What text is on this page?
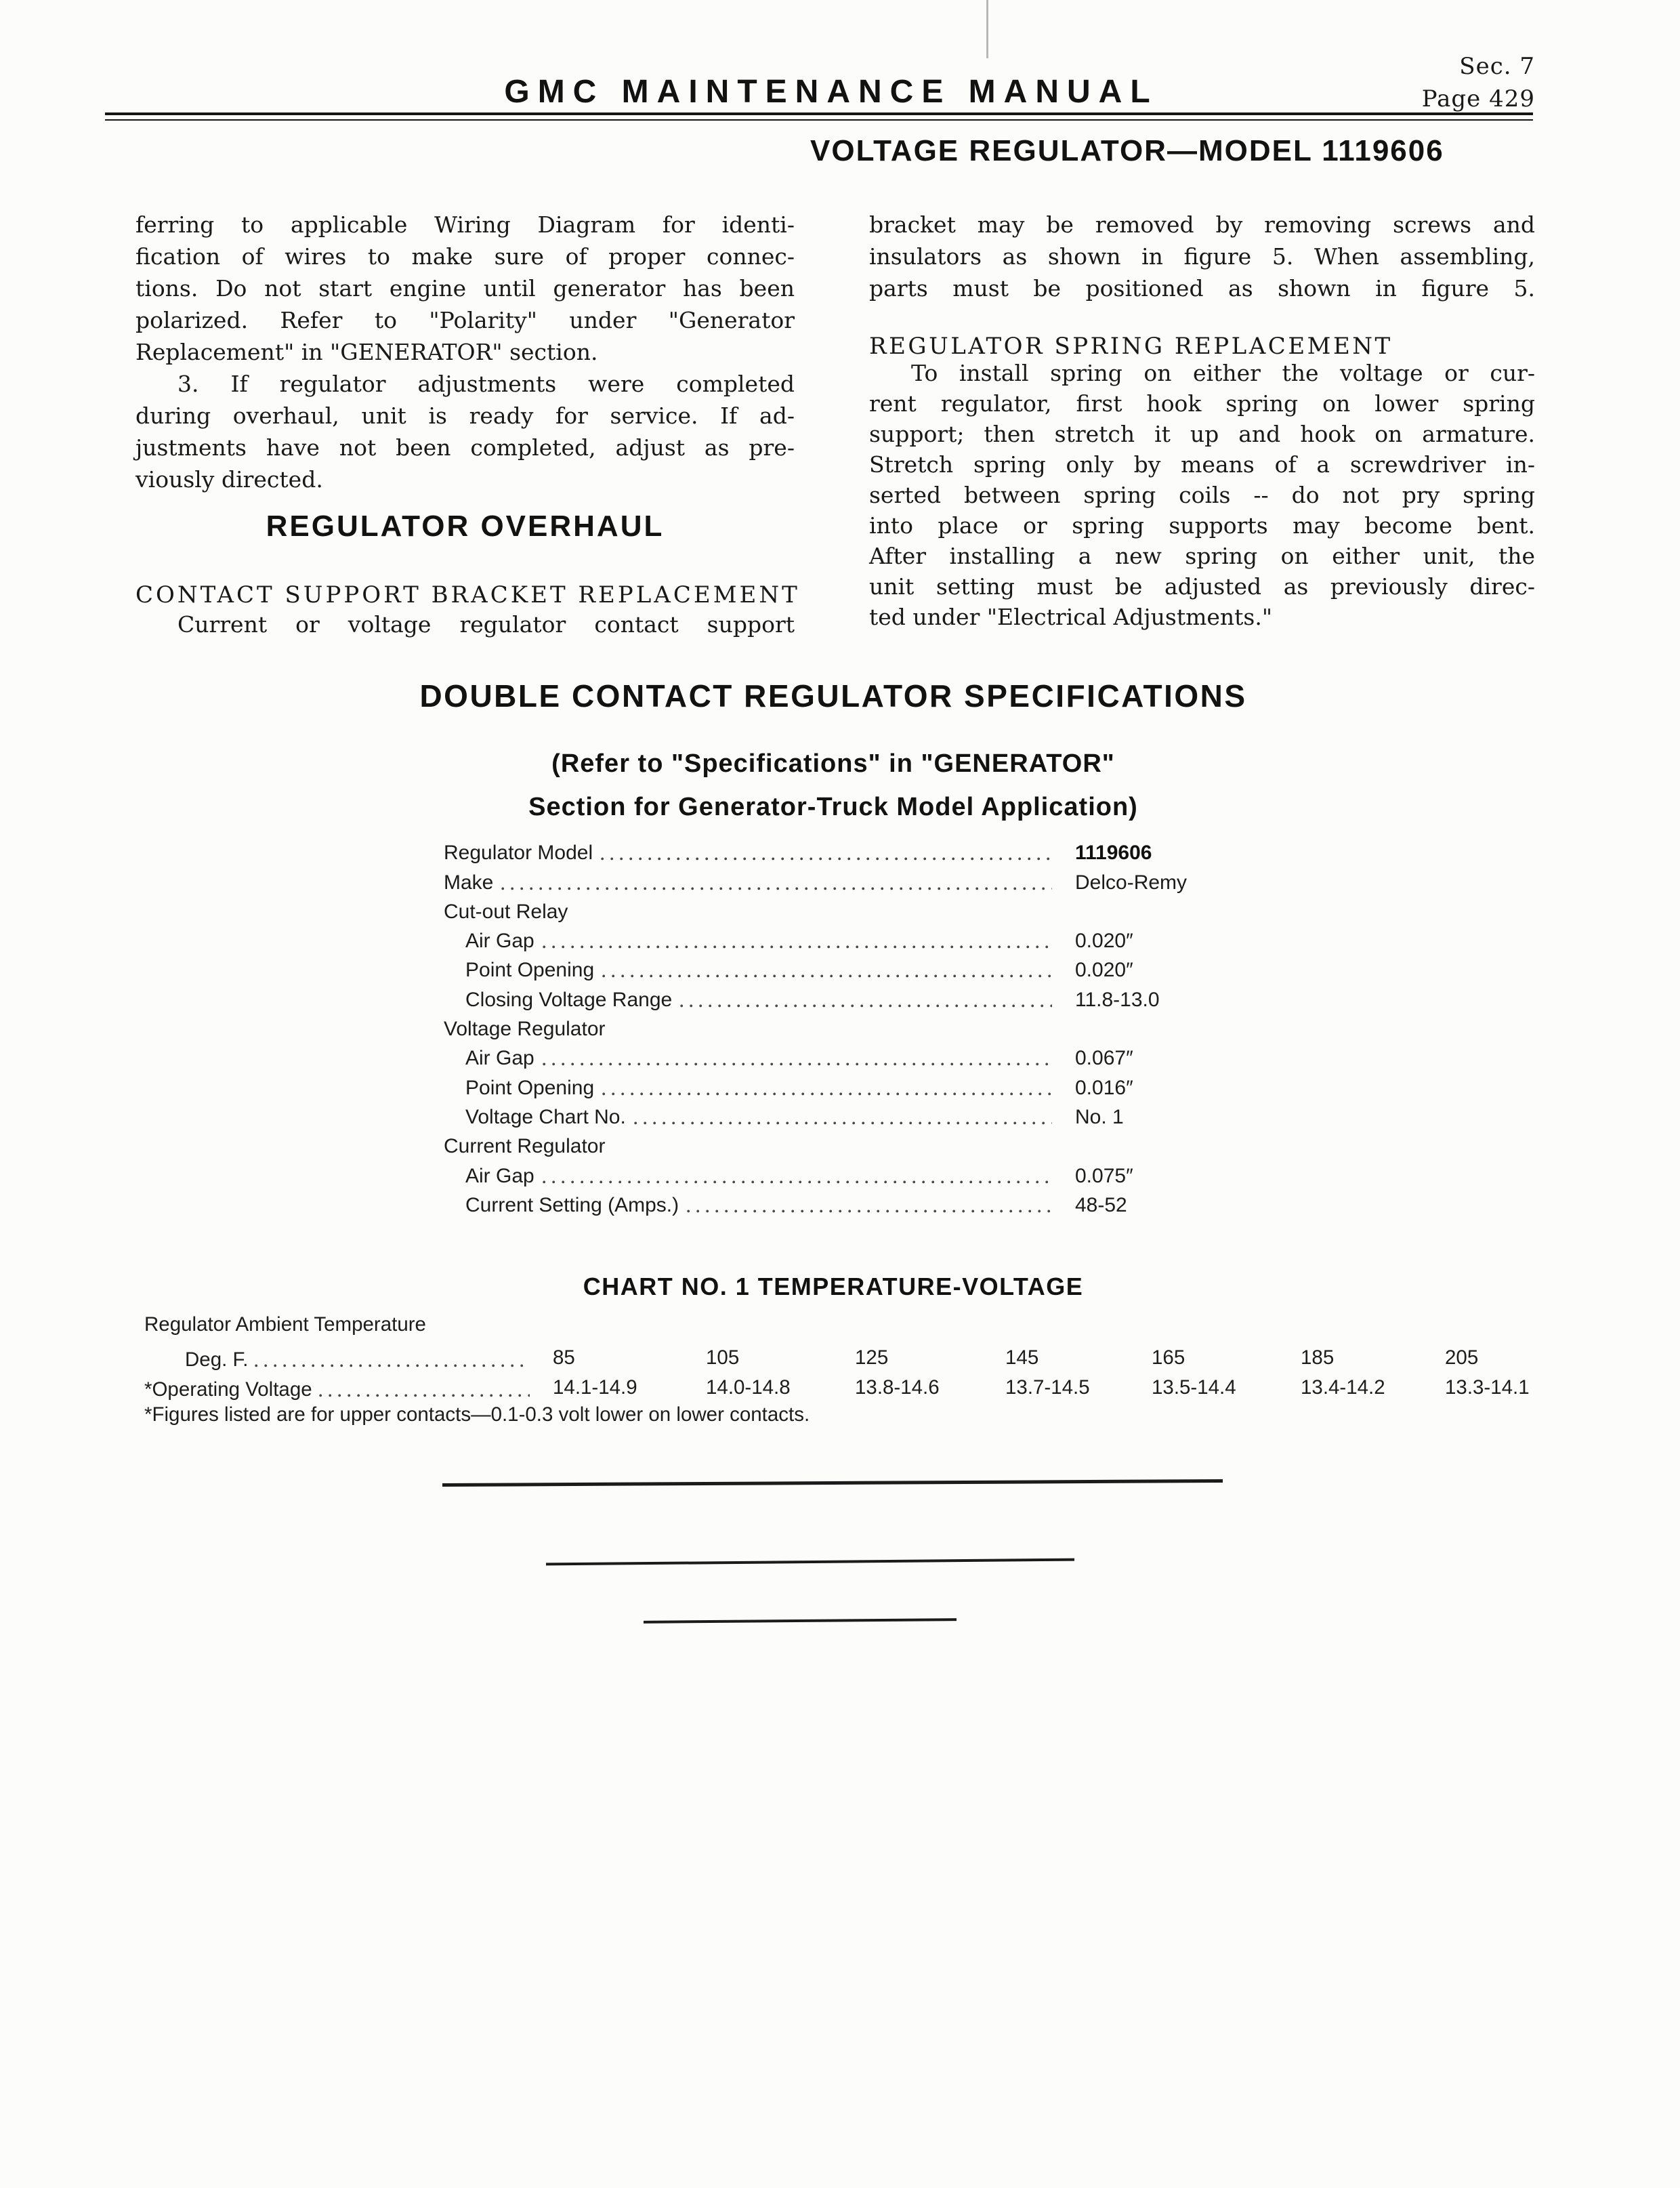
GMC MAINTENANCE MANUAL
Sec. 7
Page 429
VOLTAGE REGULATOR—MODEL 1119606
ferring to applicable Wiring Diagram for identi-
fication of wires to make sure of proper connec-
tions. Do not start engine until generator has been
polarized. Refer to "Polarity" under "Generator
Replacement" in "GENERATOR" section.
3. If regulator adjustments were completed
during overhaul, unit is ready for service. If ad-
justments have not been completed, adjust as pre-
viously directed.
REGULATOR OVERHAUL
CONTACT SUPPORT BRACKET REPLACEMENT
Current or voltage regulator contact support
bracket may be removed by removing screws and
insulators as shown in figure 5. When assembling,
parts must be positioned as shown in figure 5.
REGULATOR SPRING REPLACEMENT
To install spring on either the voltage or cur-
rent regulator, first hook spring on lower spring
support; then stretch it up and hook on armature.
Stretch spring only by means of a screwdriver in-
serted between spring coils -- do not pry spring
into place or spring supports may become bent.
After installing a new spring on either unit, the
unit setting must be adjusted as previously direc-
ted under "Electrical Adjustments."
DOUBLE CONTACT REGULATOR SPECIFICATIONS
(Refer to "Specifications" in "GENERATOR"
Section for Generator-Truck Model Application)
Regulator Model	1119606
Make	Delco-Remy
Cut-out Relay
Air Gap	0.020″
Point Opening	0.020″
Closing Voltage Range	11.8-13.0
Voltage Regulator
Air Gap	0.067″
Point Opening	0.016″
Voltage Chart No.	No. 1
Current Regulator
Air Gap	0.075″
Current Setting (Amps.)	48-52
CHART NO. 1 TEMPERATURE-VOLTAGE
Regulator Ambient Temperature
Deg. F.	85	105	125	145	165	185	205
*Operating Voltage	14.1-14.9	14.0-14.8	13.8-14.6	13.7-14.5	13.5-14.4	13.4-14.2	13.3-14.1
*Figures listed are for upper contacts—0.1-0.3 volt lower on lower contacts.
